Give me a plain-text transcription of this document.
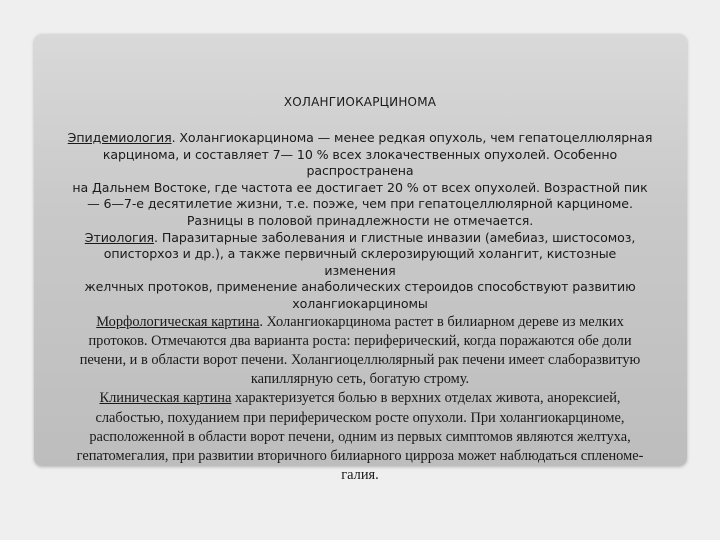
ХОЛАНГИОКАРЦИНОМА
Эпидемиология. Холангиокарцинома — менее редкая опухоль, чем гепатоцеллюлярная
карцинома, и составляет 7— 10 % всех злокачественных опухолей. Особенно
распространена
на Дальнем Востоке, где частота ее достигает 20 % от всех опухолей. Возрастной пик
— 6—7-е десятилетие жизни, т.е. поэже, чем при гепатоцеллюлярной карциноме.
Разницы в половой принадлежности не отмечается.
Этиология. Паразитарные заболевания и глистные инвазии (амебиаз, шистосомоз,
описторхоз и др.), а также первичный склерозирующий холангит, кистозные
изменения
желчных протоков, применение анаболических стероидов способствуют развитию
холангиокарциномы
Морфологическая картина. Холангиокарцинома растет в билиарном дереве из мелких
протоков. Отмечаются два варианта роста: периферический, когда поражаются обе доли
печени, и в области ворот печени. Холангиоцеллюлярный рак печени имеет слаборазвитую
капиллярную сеть, богатую строму.
Клиническая картина характеризуется болью в верхних отделах живота, анорексией,
слабостью, похуданием при периферическом росте опухоли. При холангиокарциноме,
расположенной в области ворот печени, одним из первых симптомов являются желтуха,
гепатомегалия, при развитии вторичного билиарного цирроза может наблюдаться спленоме-
галия.
